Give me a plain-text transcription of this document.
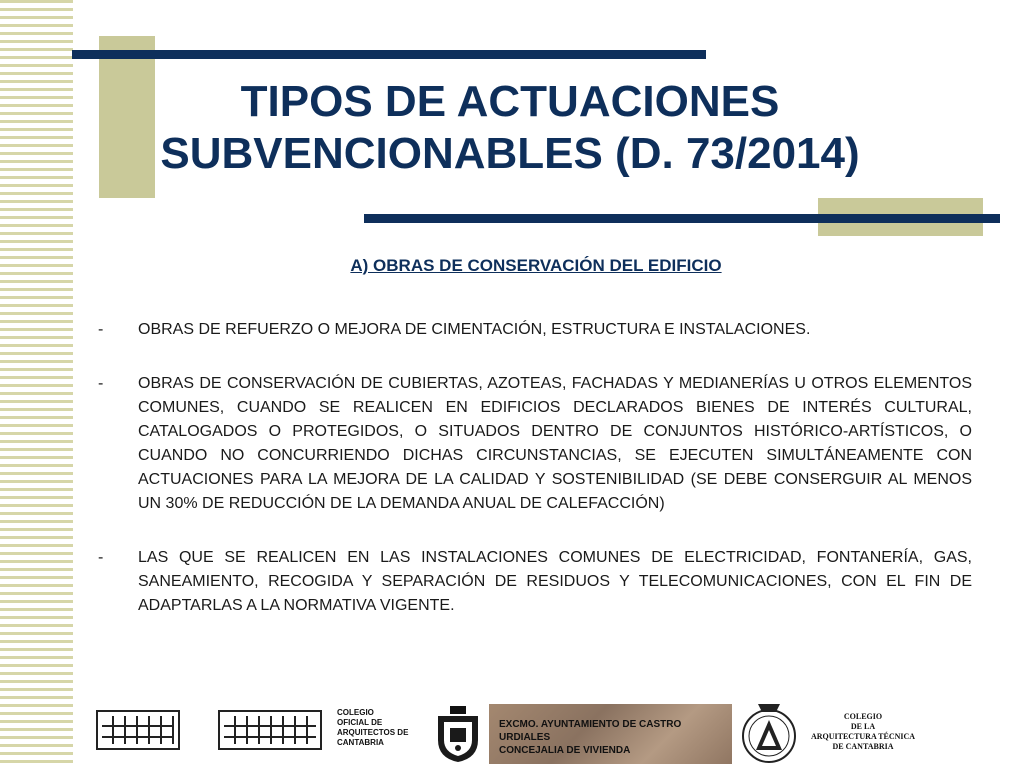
TIPOS DE ACTUACIONES
SUBVENCIONABLES (D. 73/2014)

A) OBRAS DE CONSERVACIÓN DEL EDIFICIO

- OBRAS DE REFUERZO O MEJORA DE CIMENTACIÓN, ESTRUCTURA E INSTALACIONES.
- OBRAS DE CONSERVACIÓN DE CUBIERTAS, AZOTEAS, FACHADAS Y MEDIANERÍAS U OTROS ELEMENTOS COMUNES, CUANDO SE REALICEN EN EDIFICIOS DECLARADOS BIENES DE INTERÉS CULTURAL, CATALOGADOS O PROTEGIDOS, O SITUADOS DENTRO DE CONJUNTOS HISTÓRICO-ARTÍSTICOS, O CUANDO NO CONCURRIENDO DICHAS CIRCUNSTANCIAS, SE EJECUTEN SIMULTÁNEAMENTE CON ACTUACIONES PARA LA MEJORA DE LA CALIDAD Y SOSTENIBILIDAD (SE DEBE CONSERGUIR AL MENOS UN 30% DE REDUCCIÓN DE LA DEMANDA ANUAL DE CALEFACCIÓN)
- LAS QUE SE REALICEN EN LAS INSTALACIONES COMUNES DE ELECTRICIDAD, FONTANERÍA, GAS, SANEAMIENTO, RECOGIDA Y SEPARACIÓN DE RESIDUOS Y TELECOMUNICACIONES, CON EL FIN DE ADAPTARLAS A LA NORMATIVA VIGENTE.
COLEGIO
OFICIAL DE
ARQUITECTOS DE
CANTABRIA
EXCMO. AYUNTAMIENTO DE CASTRO URDIALES
CONCEJALIA DE VIVIENDA
COLEGIO
DE LA
ARQUITECTURA TÉCNICA
DE CANTABRIA
